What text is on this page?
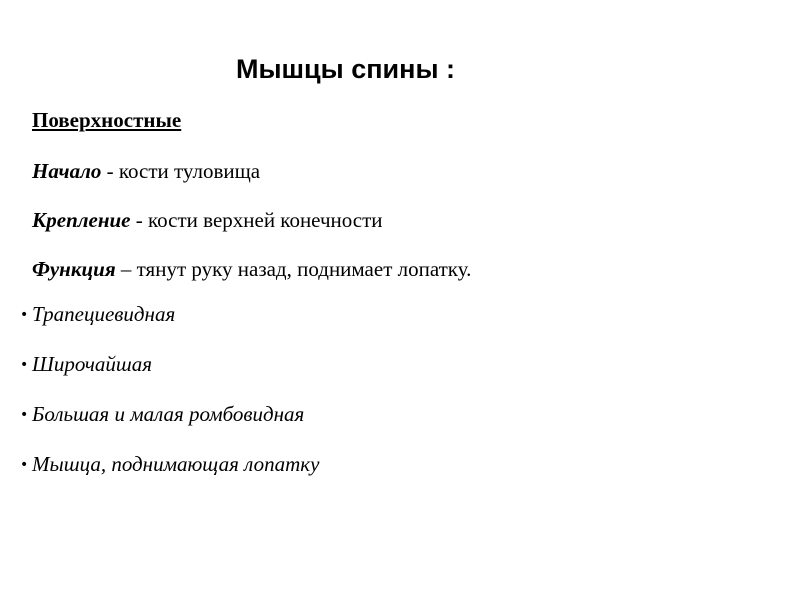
Мышцы спины :
Поверхностные
Начало - кости туловища
Крепление - кости верхней конечности
Функция – тянут руку назад, поднимает лопатку.
• Трапециевидная
• Широчайшая
• Большая и малая ромбовидная
• Мышца, поднимающая лопатку
